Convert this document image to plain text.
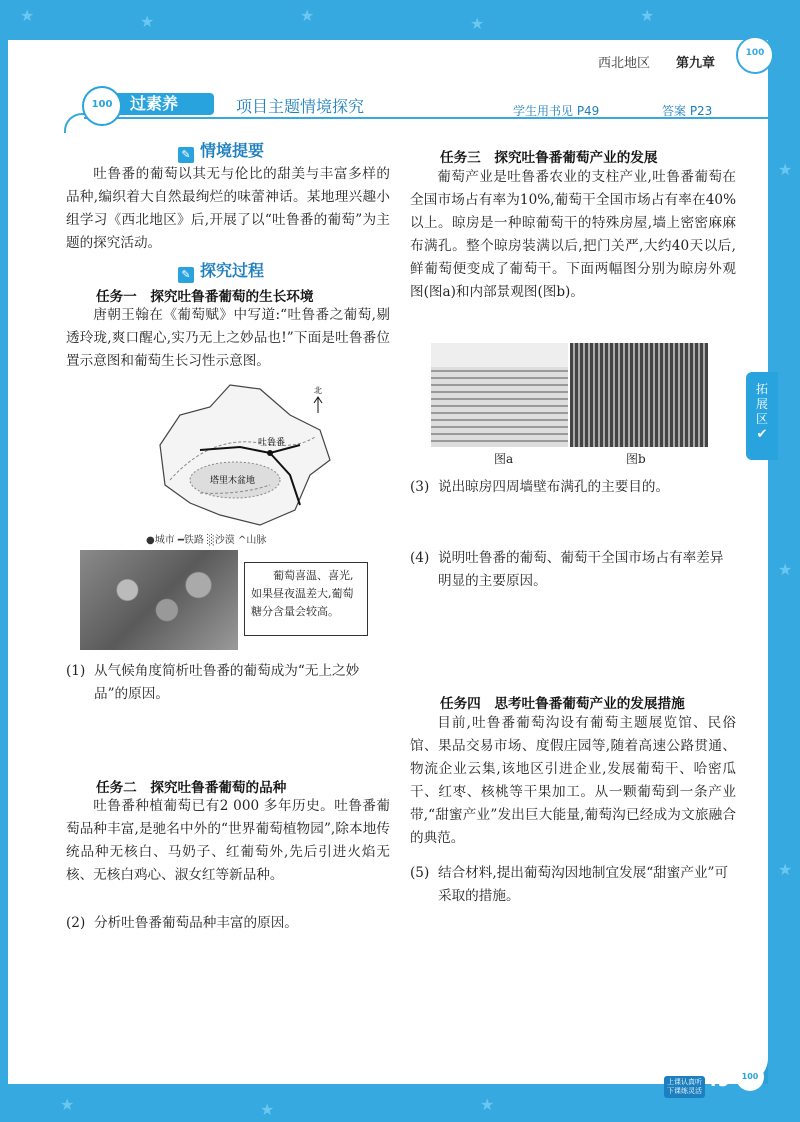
★	★	★	★	★
★
★
★
★	★	★
西北地区 第九章
100
过素养
100	项目主题情境探究	学生用书见 P49	答案 P23
✎ 情境提要

吐鲁番的葡萄以其无与伦比的甜美与丰富多样的品种,编织着大自然最绚烂的味蕾神话。某地理兴趣小组学习《西北地区》后,开展了以“吐鲁番的葡萄”为主题的探究活动。

✎ 探究过程
任务一　探究吐鲁番葡萄的生长环境

唐朝王翰在《葡萄赋》中写道:“吐鲁番之葡萄,剔透玲珑,爽口醒心,实乃无上之妙品也!”下面是吐鲁番位置示意图和葡萄生长习性示意图。

吐鲁番
塔里木盆地
北
●城市 ━铁路 ░沙漠 ^山脉
葡萄喜温、喜光,如果昼夜温差大,葡萄糖分含量会较高。

(1) 从气候角度简析吐鲁番的葡萄成为“无上之妙品”的原因。

任务二　探究吐鲁番葡萄的品种

吐鲁番种植葡萄已有2 000 多年历史。吐鲁番葡萄品种丰富,是驰名中外的“世界葡萄植物园”,除本地传统品种无核白、马奶子、红葡萄外,先后引进火焰无核、无核白鸡心、淑女红等新品种。

(2) 分析吐鲁番葡萄品种丰富的原因。

任务三　探究吐鲁番葡萄产业的发展

葡萄产业是吐鲁番农业的支柱产业,吐鲁番葡萄在全国市场占有率为10%,葡萄干全国市场占有率在40%以上。晾房是一种晾葡萄干的特殊房屋,墙上密密麻麻布满孔。整个晾房装满以后,把门关严,大约40天以后,鲜葡萄便变成了葡萄干。下面两幅图分别为晾房外观图(图a)和内部景观图(图b)。

图a	图b

(3) 说出晾房四周墙壁布满孔的主要目的。

(4) 说明吐鲁番的葡萄、葡萄干全国市场占有率差异明显的主要原因。

任务四　思考吐鲁番葡萄产业的发展措施

目前,吐鲁番葡萄沟设有葡萄主题展览馆、民俗馆、果品交易市场、度假庄园等,随着高速公路贯通、物流企业云集,该地区引进企业,发展葡萄干、哈密瓜干、红枣、核桃等干果加工。从一颗葡萄到一条产业带,“甜蜜产业”发出巨大能量,葡萄沟已经成为文旅融合的典范。

(5) 结合材料,提出葡萄沟因地制宜发展“甜蜜产业”可采取的措施。

拓
展
区
✔
上课认真听
下课练灵活 49	100
